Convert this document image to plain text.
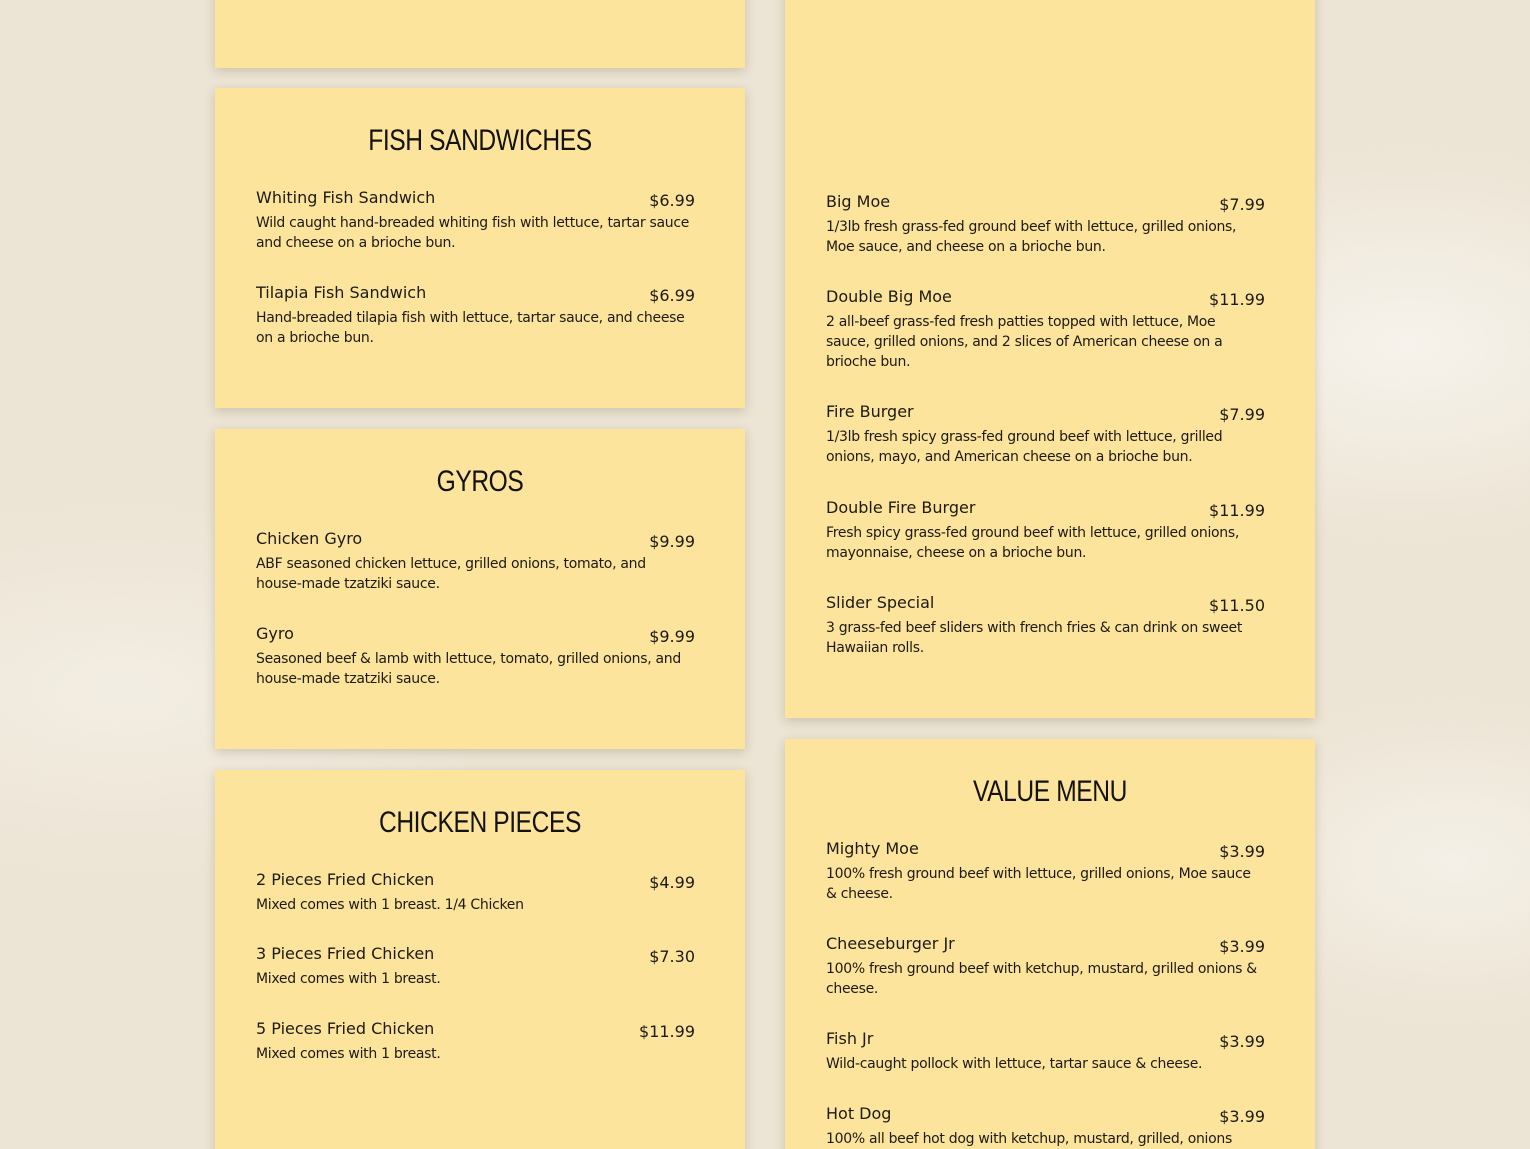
FISH SANDWICHES
Whiting Fish Sandwich	$6.99
Wild caught hand-breaded whiting fish with lettuce, tartar sauce and cheese on a brioche bun.
Tilapia Fish Sandwich	$6.99
Hand-breaded tilapia fish with lettuce, tartar sauce, and cheese on a brioche bun.
GYROS
Chicken Gyro	$9.99
ABF seasoned chicken lettuce, grilled onions, tomato, and house-made tzatziki sauce.
Gyro	$9.99
Seasoned beef & lamb with lettuce, tomato, grilled onions, and house-made tzatziki sauce.
CHICKEN PIECES
2 Pieces Fried Chicken	$4.99
Mixed comes with 1 breast. 1/4 Chicken
3 Pieces Fried Chicken	$7.30
Mixed comes with 1 breast.
5 Pieces Fried Chicken	$11.99
Mixed comes with 1 breast.
Big Moe	$7.99
1/3lb fresh grass-fed ground beef with lettuce, grilled onions, Moe sauce, and cheese on a brioche bun.
Double Big Moe	$11.99
2 all-beef grass-fed fresh patties topped with lettuce, Moe sauce, grilled onions, and 2 slices of American cheese on a brioche bun.
Fire Burger	$7.99
1/3lb fresh spicy grass-fed ground beef with lettuce, grilled onions, mayo, and American cheese on a brioche bun.
Double Fire Burger	$11.99
Fresh spicy grass-fed ground beef with lettuce, grilled onions, mayonnaise, cheese on a brioche bun.
Slider Special	$11.50
3 grass-fed beef sliders with french fries & can drink on sweet Hawaiian rolls.
VALUE MENU
Mighty Moe	$3.99
100% fresh ground beef with lettuce, grilled onions, Moe sauce & cheese.
Cheeseburger Jr	$3.99
100% fresh ground beef with ketchup, mustard, grilled onions & cheese.
Fish Jr	$3.99
Wild-caught pollock with lettuce, tartar sauce & cheese.
Hot Dog	$3.99
100% all beef hot dog with ketchup, mustard, grilled, onions
